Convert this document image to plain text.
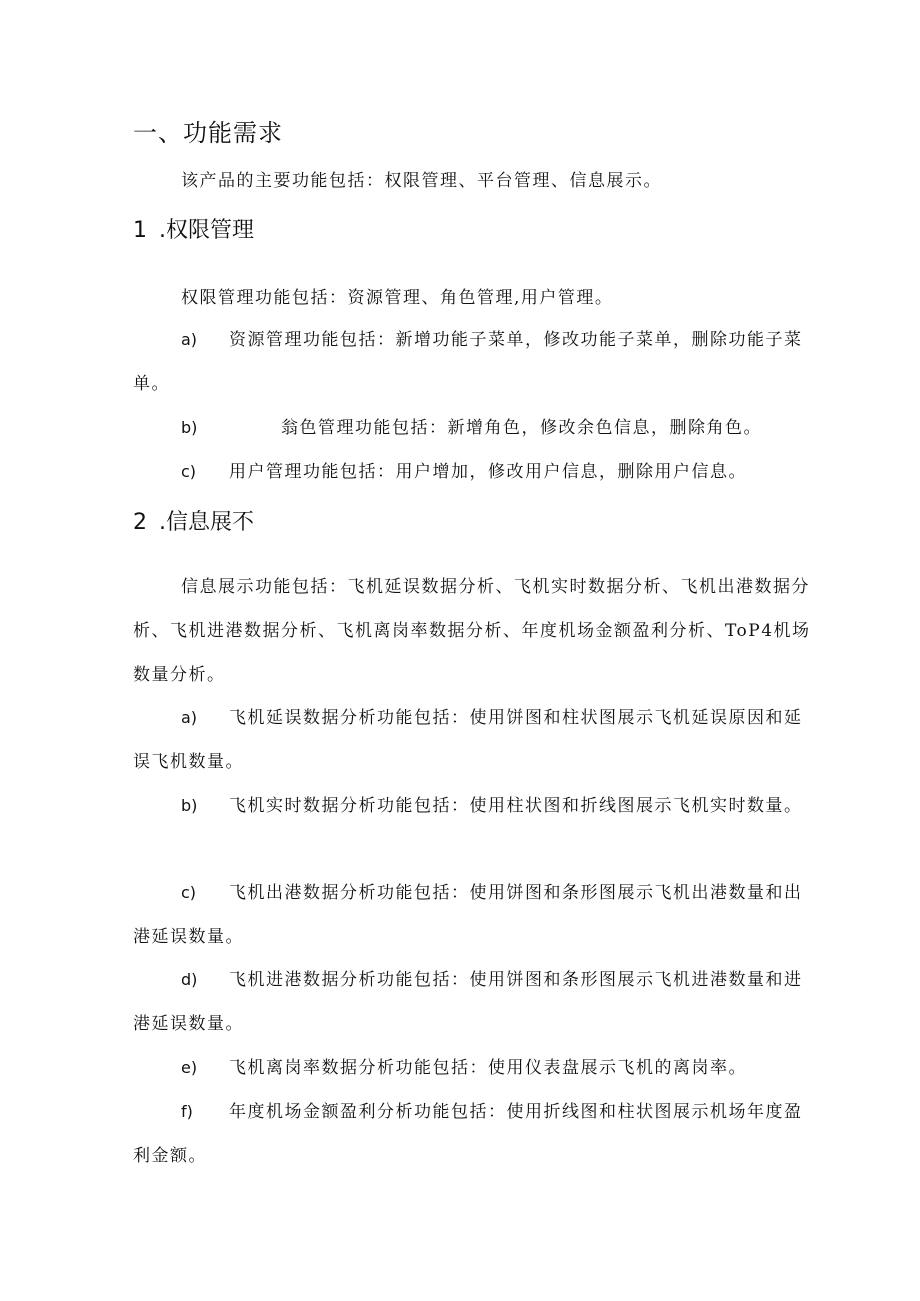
一、功能需求
该产品的主要功能包括：权限管理、平台管理、信息展示。
1 .权限管理
权限管理功能包括：资源管理、角色管理,用户管理。
a) 资源管理功能包括：新增功能子菜单，修改功能子菜单，删除功能子菜单。
b)	翁色管理功能包括：新增角色，修改余色信息，删除角色。
c) 用户管理功能包括：用户增加，修改用户信息，删除用户信息。
2 .信息展不
信息展示功能包括：飞机延误数据分析、飞机实时数据分析、飞机出港数据分析、飞机进港数据分析、飞机离岗率数据分析、年度机场金额盈利分析、ToP4机场数量分析。
a) 飞机延误数据分析功能包括：使用饼图和柱状图展示飞机延误原因和延误飞机数量。
b) 飞机实时数据分析功能包括：使用柱状图和折线图展示飞机实时数量。
c) 飞机出港数据分析功能包括：使用饼图和条形图展示飞机出港数量和出港延误数量。
d) 飞机进港数据分析功能包括：使用饼图和条形图展示飞机进港数量和进港延误数量。
e) 飞机离岗率数据分析功能包括：使用仪表盘展示飞机的离岗率。
f) 年度机场金额盈利分析功能包括：使用折线图和柱状图展示机场年度盈利金额。
